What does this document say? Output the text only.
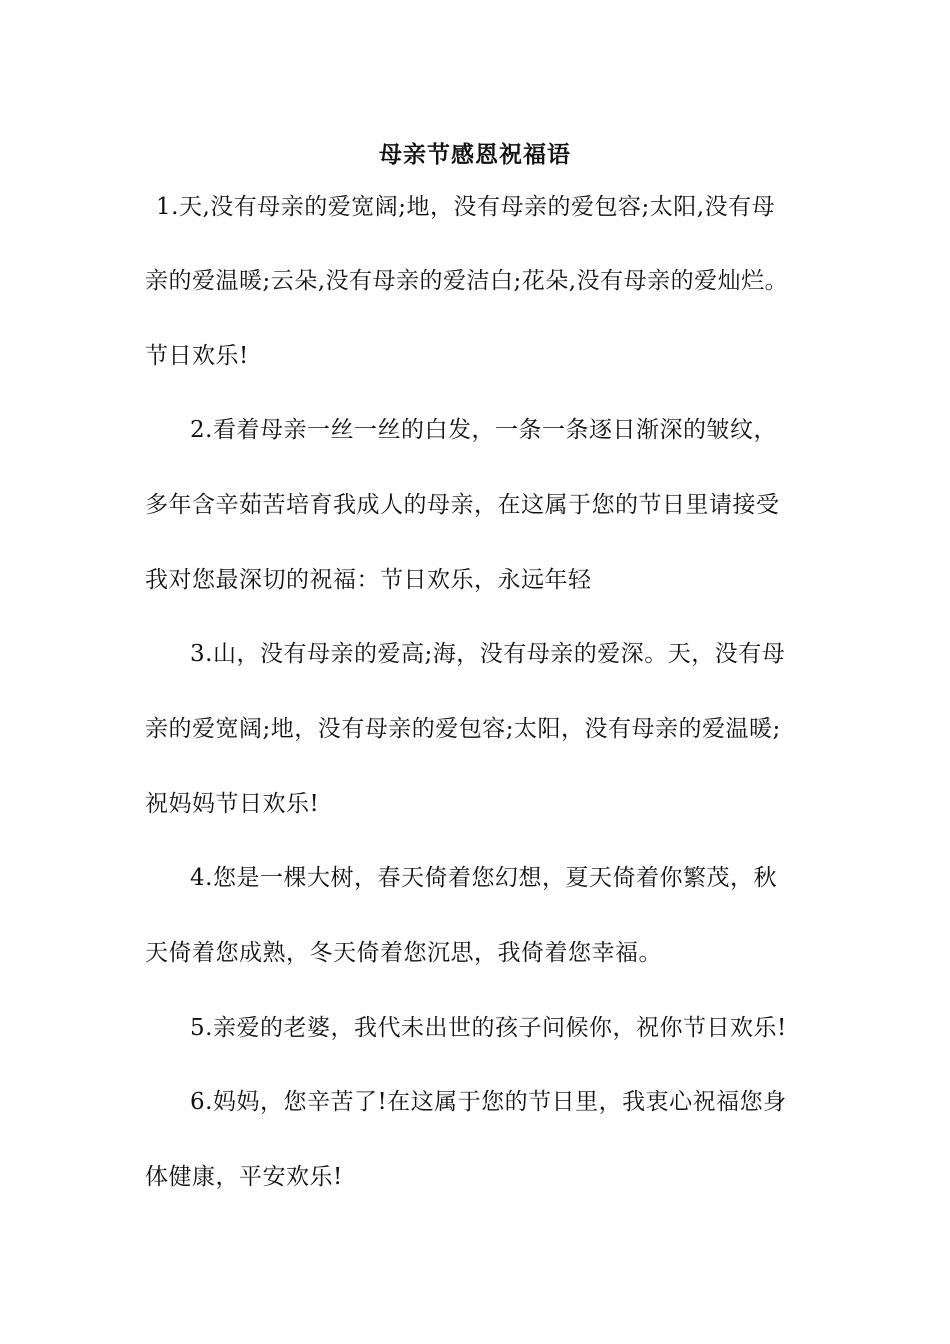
母亲节感恩祝福语
1.天,没有母亲的爱宽阔;地，没有母亲的爱包容;太阳,没有母
亲的爱温暖;云朵,没有母亲的爱洁白;花朵,没有母亲的爱灿烂。
节日欢乐!
2.看着母亲一丝一丝的白发，一条一条逐日渐深的皱纹，
多年含辛茹苦培育我成人的母亲，在这属于您的节日里请接受
我对您最深切的祝福：节日欢乐，永远年轻
3.山，没有母亲的爱高;海，没有母亲的爱深。天，没有母
亲的爱宽阔;地，没有母亲的爱包容;太阳，没有母亲的爱温暖;
祝妈妈节日欢乐!
4.您是一棵大树，春天倚着您幻想，夏天倚着你繁茂，秋
天倚着您成熟，冬天倚着您沉思，我倚着您幸福。
5.亲爱的老婆，我代未出世的孩子问候你，祝你节日欢乐!
6.妈妈，您辛苦了!在这属于您的节日里，我衷心祝福您身
体健康，平安欢乐!
